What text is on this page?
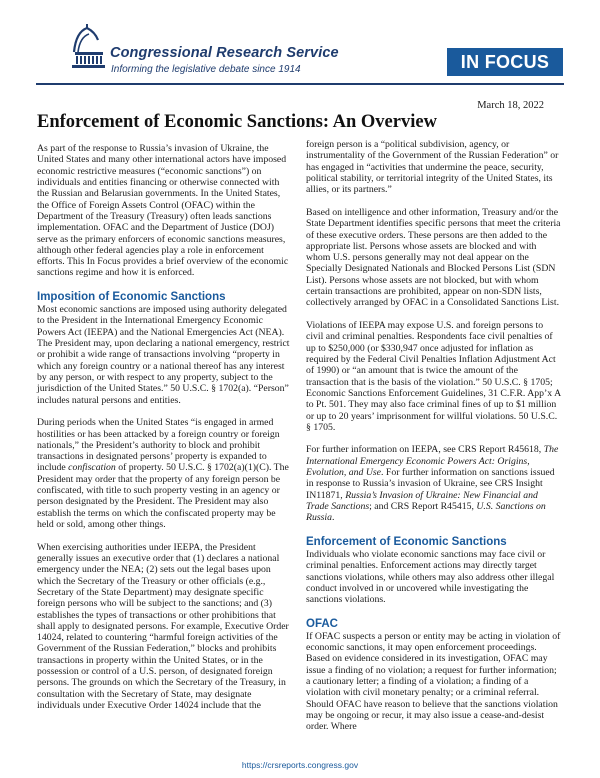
Congressional Research Service
Informing the legislative debate since 1914	IN FOCUS
March 18, 2022
Enforcement of Economic Sanctions: An Overview

As part of the response to Russia’s invasion of Ukraine, the United States and many other international actors have imposed economic restrictive measures (“economic sanctions”) on individuals and entities financing or otherwise connected with the Russian and Belarusian governments. In the United States, the Office of Foreign Assets Control (OFAC) within the Department of the Treasury (Treasury) often leads sanctions implementation. OFAC and the Department of Justice (DOJ) serve as the primary enforcers of economic sanctions measures, although other federal agencies play a role in enforcement efforts. This In Focus provides a brief overview of the economic sanctions regime and how it is enforced.

Imposition of Economic Sanctions

Most economic sanctions are imposed using authority delegated to the President in the International Emergency Economic Powers Act (IEEPA) and the National Emergencies Act (NEA). The President may, upon declaring a national emergency, restrict or prohibit a wide range of transactions involving “property in which any foreign country or a national thereof has any interest by any person, or with respect to any property, subject to the jurisdiction of the United States.” 50 U.S.C. § 1702(a). “Person” includes natural persons and entities.

During periods when the United States “is engaged in armed hostilities or has been attacked by a foreign country or foreign nationals,” the President’s authority to block and prohibit transactions in designated persons’ property is expanded to include confiscation of property. 50 U.S.C. § 1702(a)(1)(C). The President may order that the property of any foreign person be confiscated, with title to such property vesting in an agency or person designated by the President. The President may also establish the terms on which the confiscated property may be held or sold, among other things.

When exercising authorities under IEEPA, the President generally issues an executive order that (1) declares a national emergency under the NEA; (2) sets out the legal bases upon which the Secretary of the Treasury or other officials (e.g., Secretary of the State Department) may designate specific foreign persons who will be subject to the sanctions; and (3) establishes the types of transactions or other prohibitions that shall apply to designated persons. For example, Executive Order 14024, related to countering “harmful foreign activities of the Government of the Russian Federation,” blocks and prohibits transactions in property within the United States, or in the possession or control of a U.S. person, of designated foreign persons. The grounds on which the Secretary of the Treasury, in consultation with the Secretary of State, may designate individuals under Executive Order 14024 include that the

foreign person is a “political subdivision, agency, or instrumentality of the Government of the Russian Federation” or has engaged in “activities that undermine the peace, security, political stability, or territorial integrity of the United States, its allies, or its partners.”

Based on intelligence and other information, Treasury and/or the State Department identifies specific persons that meet the criteria of these executive orders. These persons are then added to the appropriate list. Persons whose assets are blocked and with whom U.S. persons generally may not deal appear on the Specially Designated Nationals and Blocked Persons List (SDN List). Persons whose assets are not blocked, but with whom certain transactions are prohibited, appear on non-SDN lists, collectively arranged by OFAC in a Consolidated Sanctions List.

Violations of IEEPA may expose U.S. and foreign persons to civil and criminal penalties. Respondents face civil penalties of up to $250,000 (or $330,947 once adjusted for inflation as required by the Federal Civil Penalties Inflation Adjustment Act of 1990) or “an amount that is twice the amount of the transaction that is the basis of the violation.” 50 U.S.C. § 1705; Economic Sanctions Enforcement Guidelines, 31 C.F.R. App’x A to Pt. 501. They may also face criminal fines of up to $1 million or up to 20 years’ imprisonment for willful violations. 50 U.S.C. § 1705.

For further information on IEEPA, see CRS Report R45618, The International Emergency Economic Powers Act: Origins, Evolution, and Use. For further information on sanctions issued in response to Russia’s invasion of Ukraine, see CRS Insight IN11871, Russia’s Invasion of Ukraine: New Financial and Trade Sanctions; and CRS Report R45415, U.S. Sanctions on Russia.

Enforcement of Economic Sanctions

Individuals who violate economic sanctions may face civil or criminal penalties. Enforcement actions may directly target sanctions violations, while others may also address other illegal conduct involved in or uncovered while investigating the sanctions violations.

OFAC

If OFAC suspects a person or entity may be acting in violation of economic sanctions, it may open enforcement proceedings. Based on evidence considered in its investigation, OFAC may issue a finding of no violation; a request for further information; a cautionary letter; a finding of a violation; a finding of a violation with civil monetary penalty; or a criminal referral. Should OFAC have reason to believe that the sanctions violation may be ongoing or recur, it may also issue a cease-and-desist order. Where

https://crsreports.congress.gov
